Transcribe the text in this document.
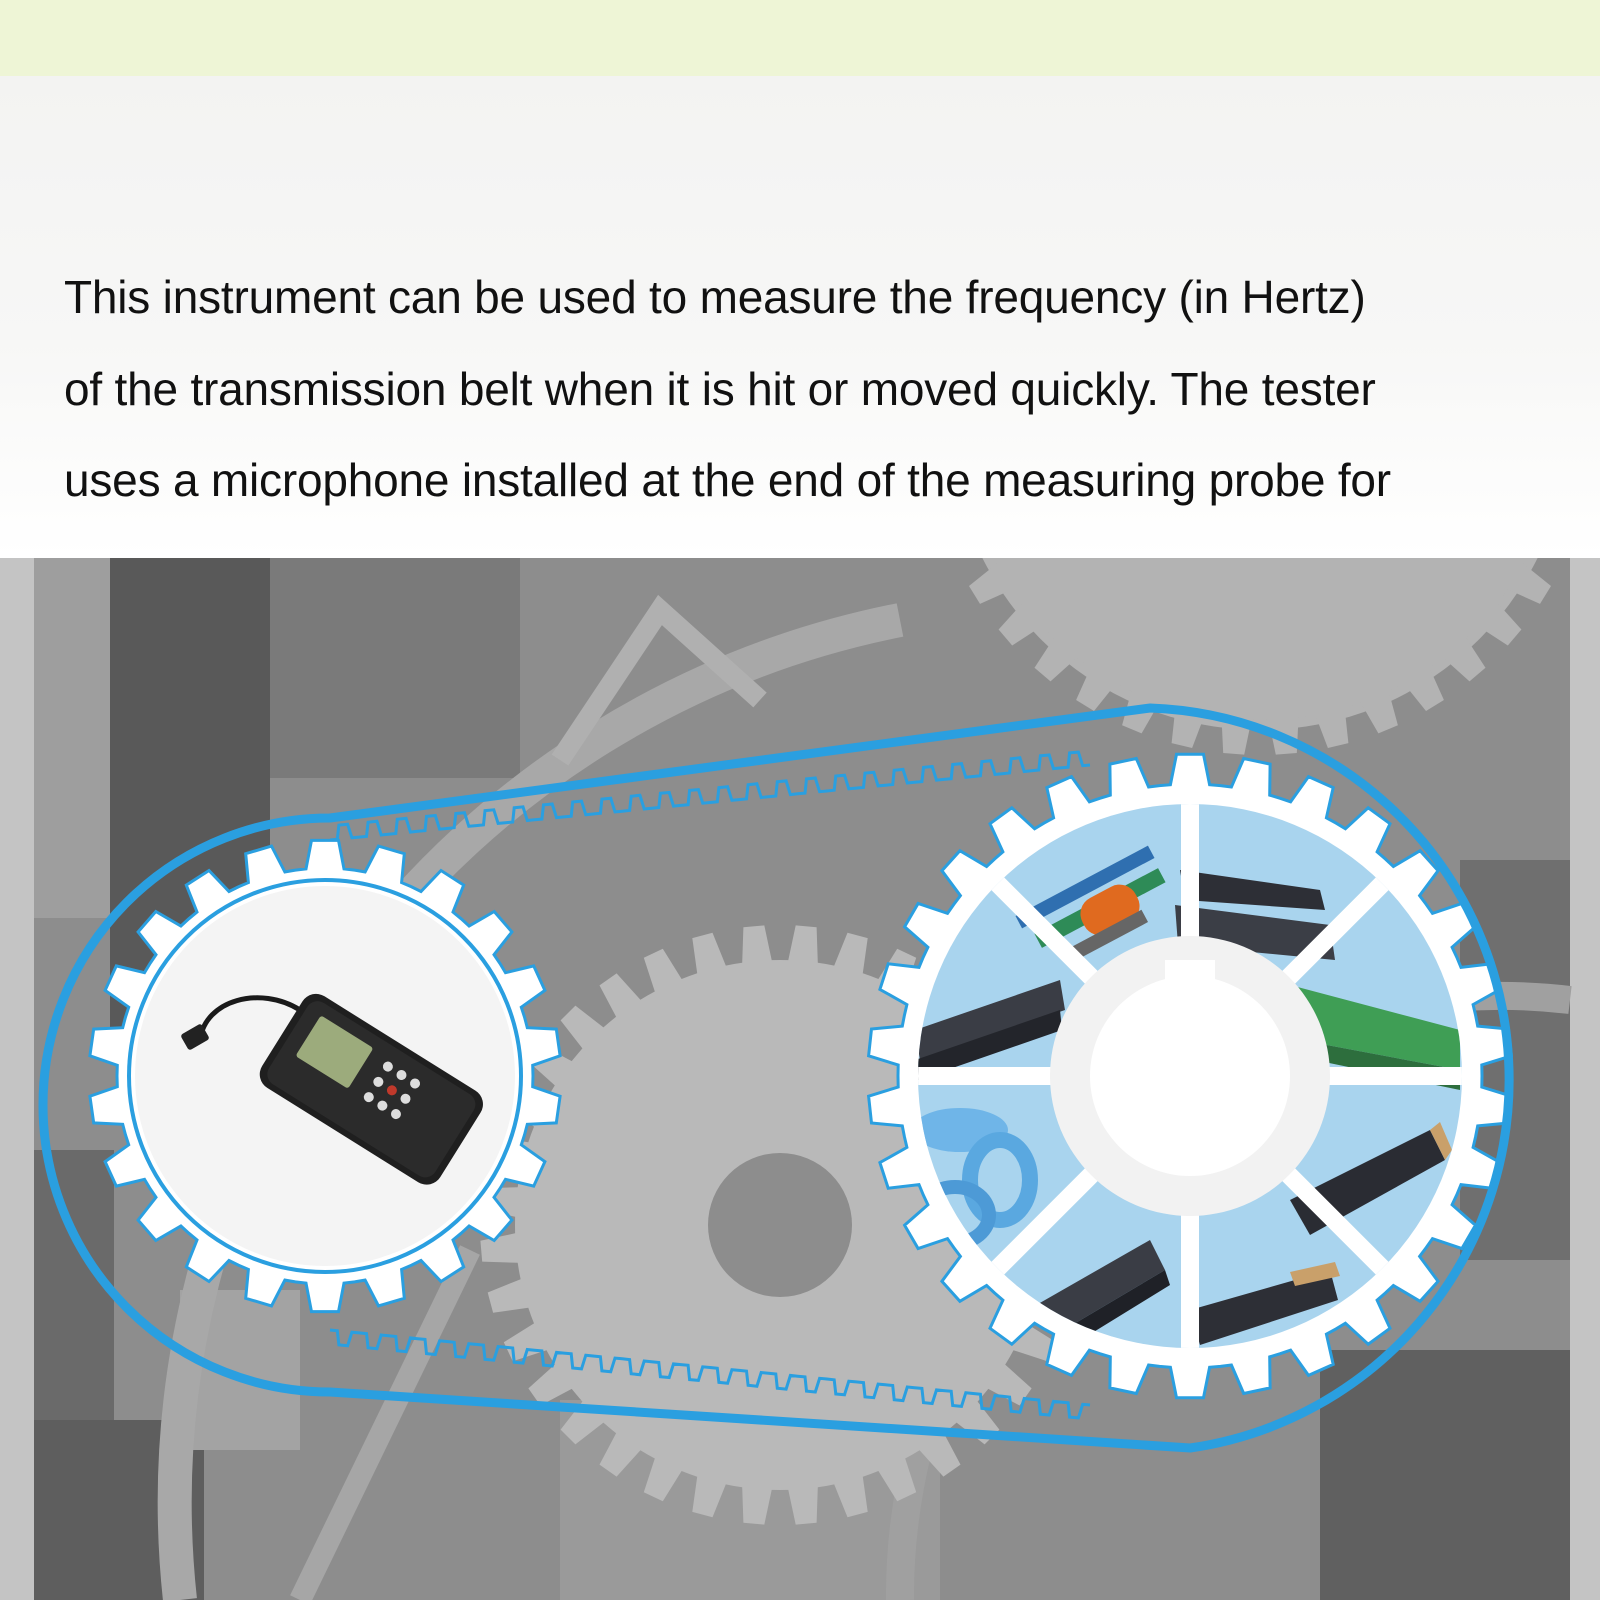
This instrument can be used to measure the frequency (in Hertz)
of the transmission belt when it is hit or moved quickly. The tester
uses a microphone installed at the end of the measuring probe for
